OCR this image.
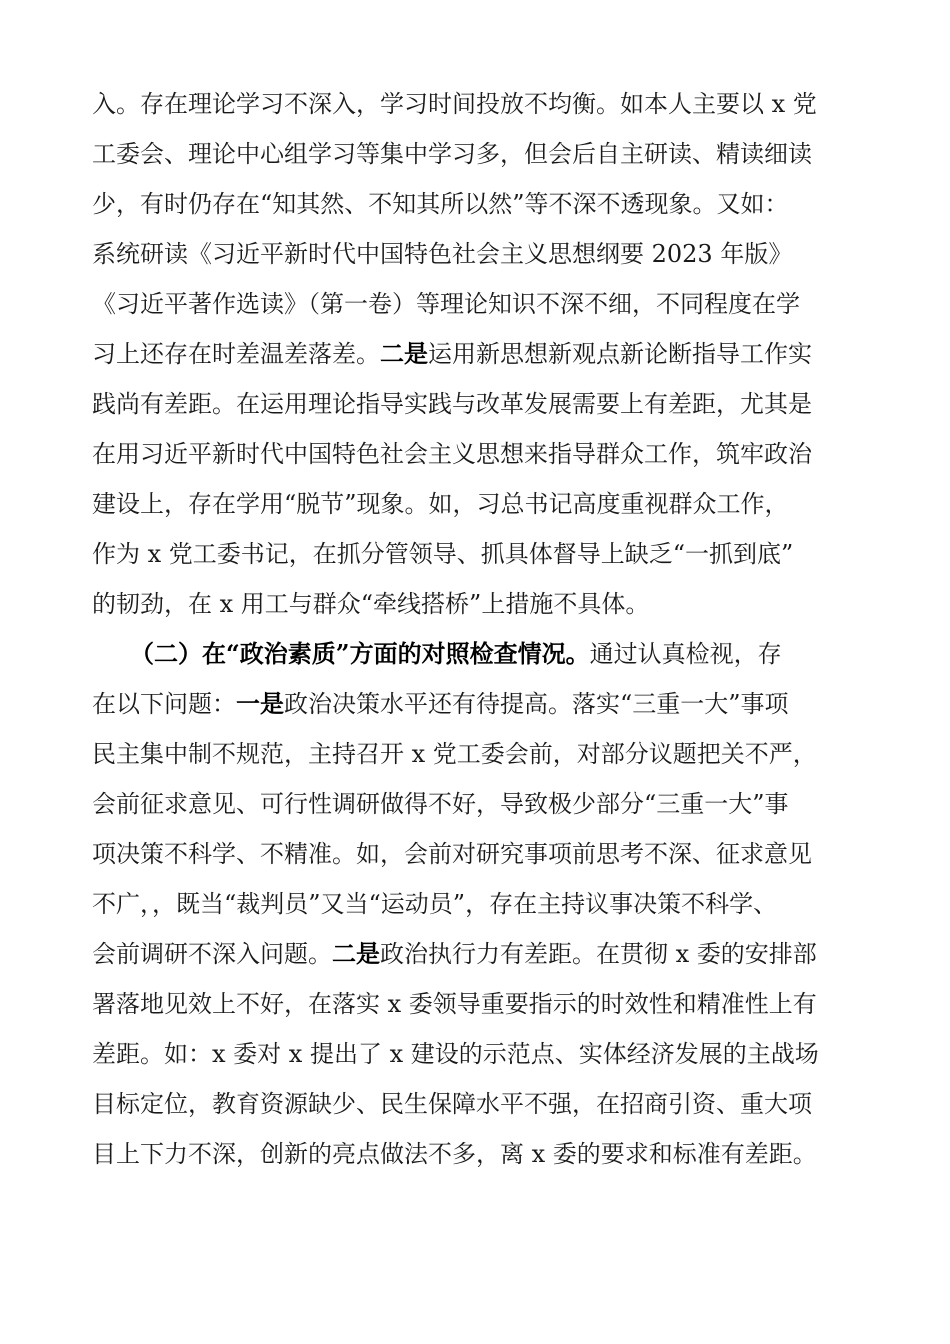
入。存在理论学习不深入，学习时间投放不均衡。如本人主要以 x 党
工委会、理论中心组学习等集中学习多，但会后自主研读、精读细读
少，有时仍存在“知其然、不知其所以然”等不深不透现象。又如：
系统研读《习近平新时代中国特色社会主义思想纲要 2023 年版》
《习近平著作选读》（第一卷）等理论知识不深不细，不同程度在学
习上还存在时差温差落差。二是运用新思想新观点新论断指导工作实
践尚有差距。在运用理论指导实践与改革发展需要上有差距，尤其是
在用习近平新时代中国特色社会主义思想来指导群众工作，筑牢政治
建设上，存在学用“脱节”现象。如，习总书记高度重视群众工作，
作为 x 党工委书记，在抓分管领导、抓具体督导上缺乏“一抓到底”
的韧劲，在 x 用工与群众“牵线搭桥”上措施不具体。
（二）在“政治素质”方面的对照检查情况。通过认真检视，存
在以下问题：一是政治决策水平还有待提高。落实“三重一大”事项
民主集中制不规范，主持召开 x 党工委会前，对部分议题把关不严，
会前征求意见、可行性调研做得不好，导致极少部分“三重一大”事
项决策不科学、不精准。如，会前对研究事项前思考不深、征求意见
不广，，既当“裁判员”又当“运动员”，存在主持议事决策不科学、
会前调研不深入问题。二是政治执行力有差距。在贯彻 x 委的安排部
署落地见效上不好，在落实 x 委领导重要指示的时效性和精准性上有
差距。如：x 委对 x 提出了 x 建设的示范点、实体经济发展的主战场
目标定位，教育资源缺少、民生保障水平不强，在招商引资、重大项
目上下力不深，创新的亮点做法不多，离 x 委的要求和标准有差距。
